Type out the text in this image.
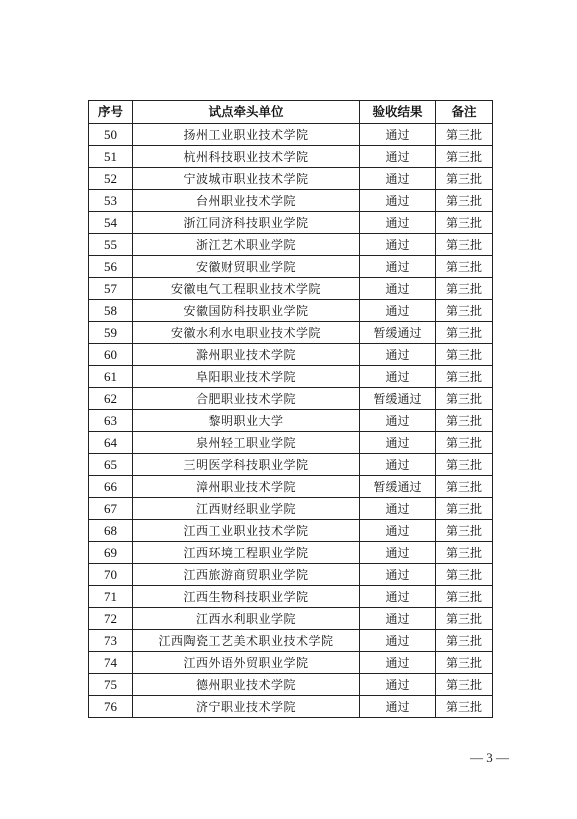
序号	试点牵头单位	验收结果	备注
50	扬州工业职业技术学院	通过	第三批
51	杭州科技职业技术学院	通过	第三批
52	宁波城市职业技术学院	通过	第三批
53	台州职业技术学院	通过	第三批
54	浙江同济科技职业学院	通过	第三批
55	浙江艺术职业学院	通过	第三批
56	安徽财贸职业学院	通过	第三批
57	安徽电气工程职业技术学院	通过	第三批
58	安徽国防科技职业学院	通过	第三批
59	安徽水利水电职业技术学院	暂缓通过	第三批
60	滁州职业技术学院	通过	第三批
61	阜阳职业技术学院	通过	第三批
62	合肥职业技术学院	暂缓通过	第三批
63	黎明职业大学	通过	第三批
64	泉州轻工职业学院	通过	第三批
65	三明医学科技职业学院	通过	第三批
66	漳州职业技术学院	暂缓通过	第三批
67	江西财经职业学院	通过	第三批
68	江西工业职业技术学院	通过	第三批
69	江西环境工程职业学院	通过	第三批
70	江西旅游商贸职业学院	通过	第三批
71	江西生物科技职业学院	通过	第三批
72	江西水利职业学院	通过	第三批
73	江西陶瓷工艺美术职业技术学院	通过	第三批
74	江西外语外贸职业学院	通过	第三批
75	德州职业技术学院	通过	第三批
76	济宁职业技术学院	通过	第三批
— 3 —
